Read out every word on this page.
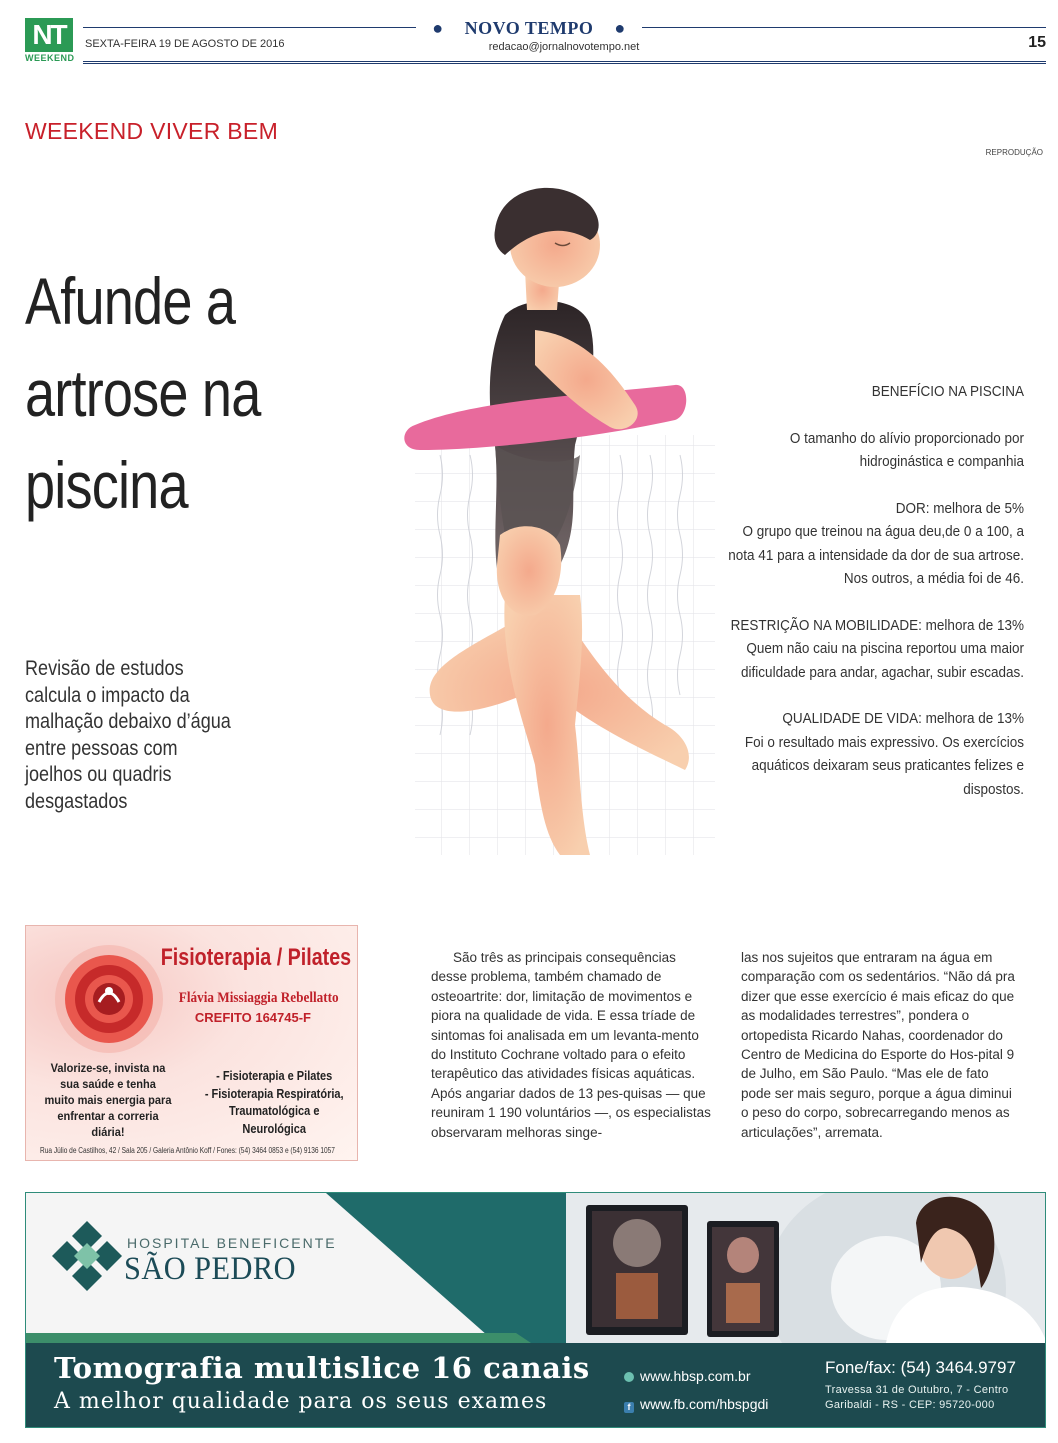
NT
WEEKEND
SEXTA-FEIRA 19 DE AGOSTO DE 2016
● NOVO TEMPO ●
redacao@jornalnovotempo.net	15
WEEKEND VIVER BEM
REPRODUÇÃO
Afunde a
artrose na
piscina
Revisão de estudos calcula o impacto da malhação debaixo d’água entre pessoas com joelhos ou quadris desgastados

BENEFÍCIO NA PISCINA

O tamanho do alívio proporcionado por hidroginástica e companhia

DOR: melhora de 5%

O grupo que treinou na água deu,de 0 a 100, a nota 41 para a intensidade da dor de sua artrose. Nos outros, a média foi de 46.

RESTRIÇÃO NA MOBILIDADE: melhora de 13%

Quem não caiu na piscina reportou uma maior dificuldade para andar, agachar, subir escadas.

QUALIDADE DE VIDA: melhora de 13%

Foi o resultado mais expressivo. Os exercícios aquáticos deixaram seus praticantes felizes e dispostos.

Fisioterapia / Pilates
Flávia Missiaggia Rebellatto
CREFITO 164745-F
Valorize-se, invista na sua saúde e tenha muito mais energia para enfrentar a correria diária!
- Fisioterapia e Pilates
- Fisioterapia Respiratória,
Traumatológica e Neurológica
Rua Júlio de Castilhos, 42 / Sala 205 / Galeria Antônio Koff / Fones: (54) 3464 0853 e (54) 9136 1057
São três as principais consequências desse problema, também chamado de osteoartrite: dor, limitação de movimentos e piora na qualidade de vida. E essa tríade de sintomas foi analisada em um levanta-mento do Instituto Cochrane voltado para o efeito terapêutico das atividades físicas aquáticas. Após angariar dados de 13 pes-quisas — que reuniram 1 190 voluntários —, os especialistas observaram melhoras singe-
las nos sujeitos que entraram na água em comparação com os sedentários. “Não dá pra dizer que esse exercício é mais eficaz do que as modalidades terrestres”, pondera o ortopedista Ricardo Nahas, coordenador do Centro de Medicina do Esporte do Hos-pital 9 de Julho, em São Paulo. “Mas ele de fato pode ser mais seguro, porque a água diminui o peso do corpo, sobrecarregando menos as articulações”, arremata.
HOSPITAL BENEFICENTE
SÃO PEDRO
Tomografia multislice 16 canais
A melhor qualidade para os seus exames
www.hbsp.com.br
f www.fb.com/hbspgdi
Fone/fax: (54) 3464.9797
Travessa 31 de Outubro, 7 - Centro
Garibaldi - RS - CEP: 95720-000
